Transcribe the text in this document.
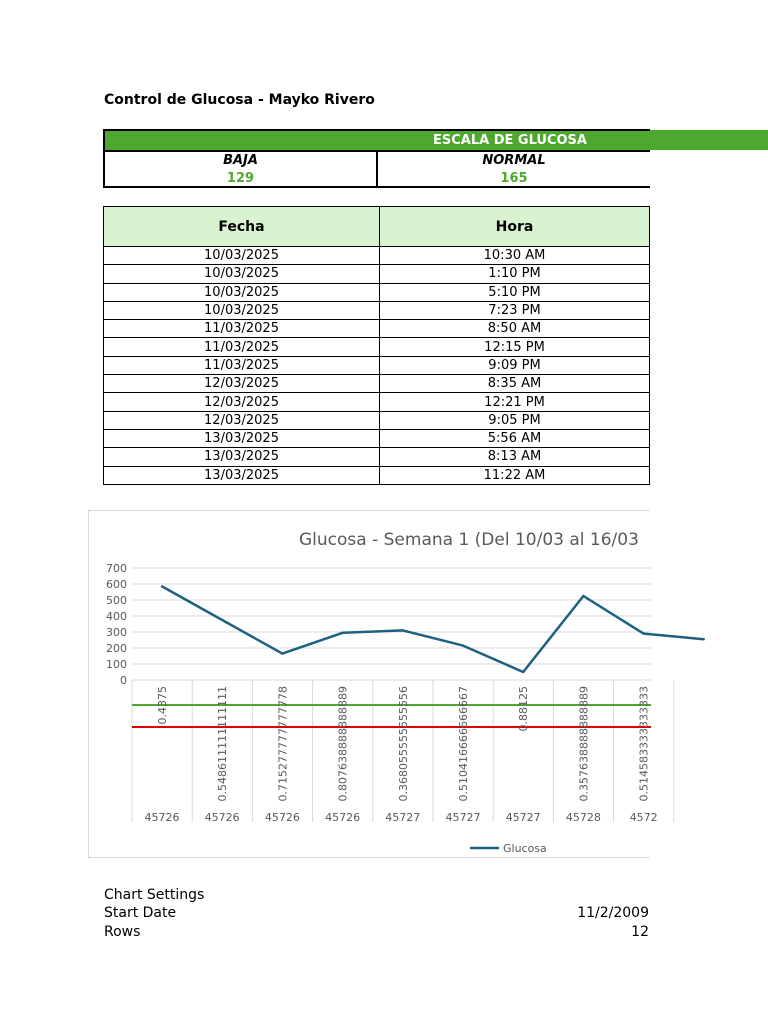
Control de Glucosa - Mayko Rivero
ESCALA DE GLUCOSA
BAJA
129
NORMAL
165
Fecha	Hora
10/03/2025	10:30 AM
10/03/2025	1:10 PM
10/03/2025	5:10 PM
10/03/2025	7:23 PM
11/03/2025	8:50 AM
11/03/2025	12:15 PM
11/03/2025	9:09 PM
12/03/2025	8:35 AM
12/03/2025	12:21 PM
12/03/2025	9:05 PM
13/03/2025	5:56 AM
13/03/2025	8:13 AM
13/03/2025	11:22 AM
Glucosa - Semana 1 (Del 10/03 al 16/03
700
600
500
400
300
200
100
0
0.4375	0.548611111111111	0.715277777777778	0.807638888888889	0.368055555555556	0.510416666666667	0.88125	0.357638888888889	0.514583333333333
45726 45726 45726 45726 45727 45727 45727 45728	4572
Glucosa
Chart Settings
Start Date	11/2/2009
Rows	12
